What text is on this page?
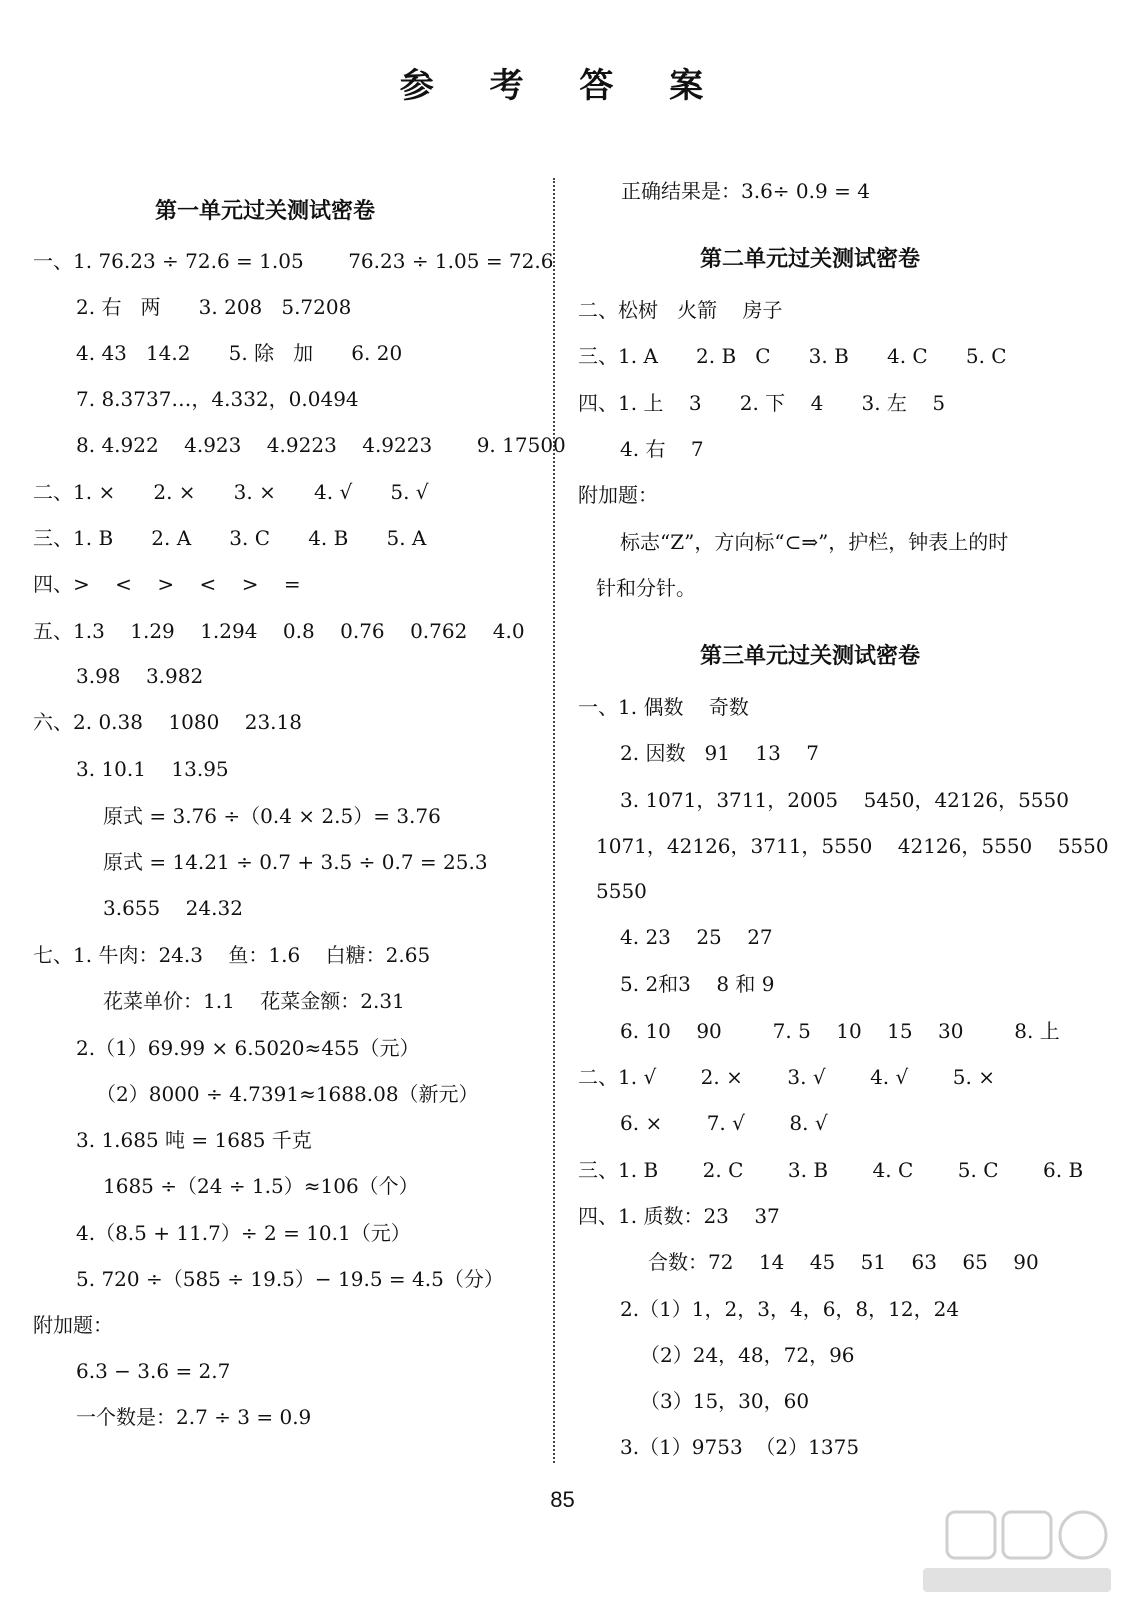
参 考 答 案
第一单元过关测试密卷
一、1. 76.23 ÷ 72.6 = 1.05       76.23 ÷ 1.05 = 72.6
2. 右   两      3. 208   5.7208
4. 43   14.2      5. 除   加      6. 20
7. 8.3737…，4.332，0.0494
8. 4.922    4.923    4.9223    4.9223       9. 17500
二、1. ×      2. ×      3. ×      4. √      5. √
三、1. B      2. A      3. C      4. B      5. A
四、>    <    >    <    >    =
五、1.3    1.29    1.294    0.8    0.76    0.762    4.0
3.98    3.982
六、2. 0.38    1080    23.18
3. 10.1    13.95
原式 = 3.76 ÷（0.4 × 2.5）= 3.76
原式 = 14.21 ÷ 0.7 + 3.5 ÷ 0.7 = 25.3
3.655    24.32
七、1. 牛肉：24.3    鱼：1.6    白糖：2.65
花菜单价：1.1    花菜金额：2.31
2.（1）69.99 × 6.5020≈455（元）
（2）8000 ÷ 4.7391≈1688.08（新元）
3. 1.685 吨 = 1685 千克
1685 ÷（24 ÷ 1.5）≈106（个）
4.（8.5 + 11.7）÷ 2 = 10.1（元）
5. 720 ÷（585 ÷ 19.5）− 19.5 = 4.5（分）
附加题：
6.3 − 3.6 = 2.7
一个数是：2.7 ÷ 3 = 0.9
正确结果是：3.6÷ 0.9 = 4
第二单元过关测试密卷
二、松树   火箭    房子
三、1. A      2. B   C      3. B      4. C      5. C
四、1. 上    3      2. 下    4      3. 左    5
4. 右    7
附加题：
标志“Z”，方向标“⊂⇒”，护栏，钟表上的时
针和分针。
第三单元过关测试密卷
一、1. 偶数    奇数
2. 因数   91    13    7
3. 1071，3711，2005    5450，42126，5550
1071，42126，3711，5550    42126，5550    5550
5550
4. 23    25    27
5. 2和3    8 和 9
6. 10    90        7. 5    10    15    30        8. 上
二、1. √       2. ×       3. √       4. √       5. ×
6. ×       7. √       8. √
三、1. B       2. C       3. B       4. C       5. C       6. B
四、1. 质数：23    37
合数：72    14    45    51    63    65    90
2.（1）1，2，3，4，6，8，12，24
（2）24，48，72，96
（3）15，30，60
3.（1）9753  （2）1375
85
